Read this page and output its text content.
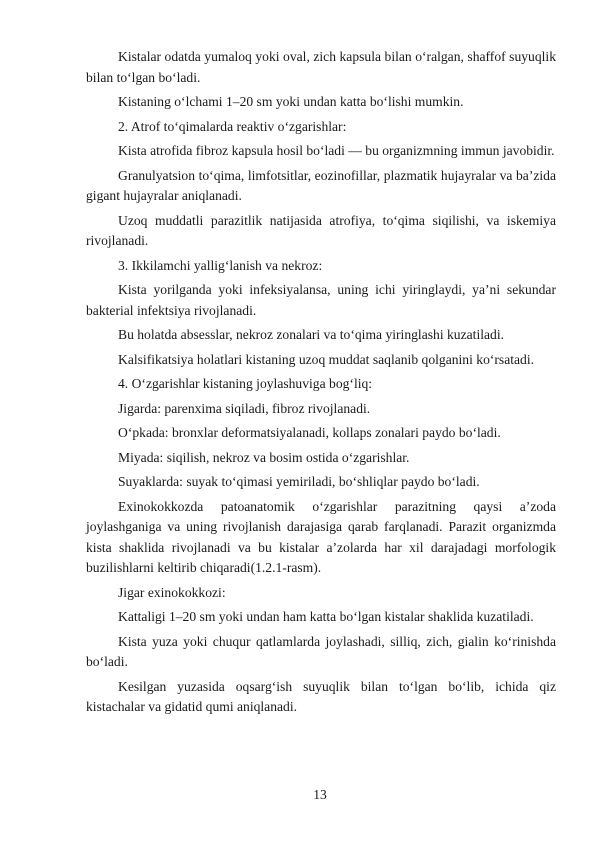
Kistalar odatda yumaloq yoki oval, zich kapsula bilan o‘ralgan, shaffof suyuqlik bilan to‘lgan bo‘ladi.

Kistaning o‘lchami 1–20 sm yoki undan katta bo‘lishi mumkin.

2. Atrof to‘qimalarda reaktiv o‘zgarishlar:

Kista atrofida fibroz kapsula hosil bo‘ladi — bu organizmning immun javobidir.

Granulyatsion to‘qima, limfotsitlar, eozinofillar, plazmatik hujayralar va ba’zida gigant hujayralar aniqlanadi.

Uzoq muddatli parazitlik natijasida atrofiya, to‘qima siqilishi, va iskemiya rivojlanadi.

3. Ikkilamchi yallig‘lanish va nekroz:

Kista yorilganda yoki infeksiyalansa, uning ichi yiringlaydi, ya’ni sekundar bakterial infektsiya rivojlanadi.

Bu holatda absesslar, nekroz zonalari va to‘qima yiringlashi kuzatiladi.

Kalsifikatsiya holatlari kistaning uzoq muddat saqlanib qolganini ko‘rsatadi.

4. O‘zgarishlar kistaning joylashuviga bog‘liq:

Jigarda: parenxima siqiladi, fibroz rivojlanadi.

O‘pkada: bronxlar deformatsiyalanadi, kollaps zonalari paydo bo‘ladi.

Miyada: siqilish, nekroz va bosim ostida o‘zgarishlar.

Suyaklarda: suyak to‘qimasi yemiriladi, bo‘shliqlar paydo bo‘ladi.

Exinokokkozda patoanatomik o‘zgarishlar parazitning qaysi a’zoda joylashganiga va uning rivojlanish darajasiga qarab farqlanadi. Parazit organizmda kista shaklida rivojlanadi va bu kistalar a’zolarda har xil darajadagi morfologik buzilishlarni keltirib chiqaradi(1.2.1-rasm).

Jigar exinokokkozi:

Kattaligi 1–20 sm yoki undan ham katta bo‘lgan kistalar shaklida kuzatiladi.

Kista yuza yoki chuqur qatlamlarda joylashadi, silliq, zich, gialin ko‘rinishda bo‘ladi.

Kesilgan yuzasida oqsarg‘ish suyuqlik bilan to‘lgan bo‘lib, ichida qiz kistachalar va gidatid qumi aniqlanadi.

13
